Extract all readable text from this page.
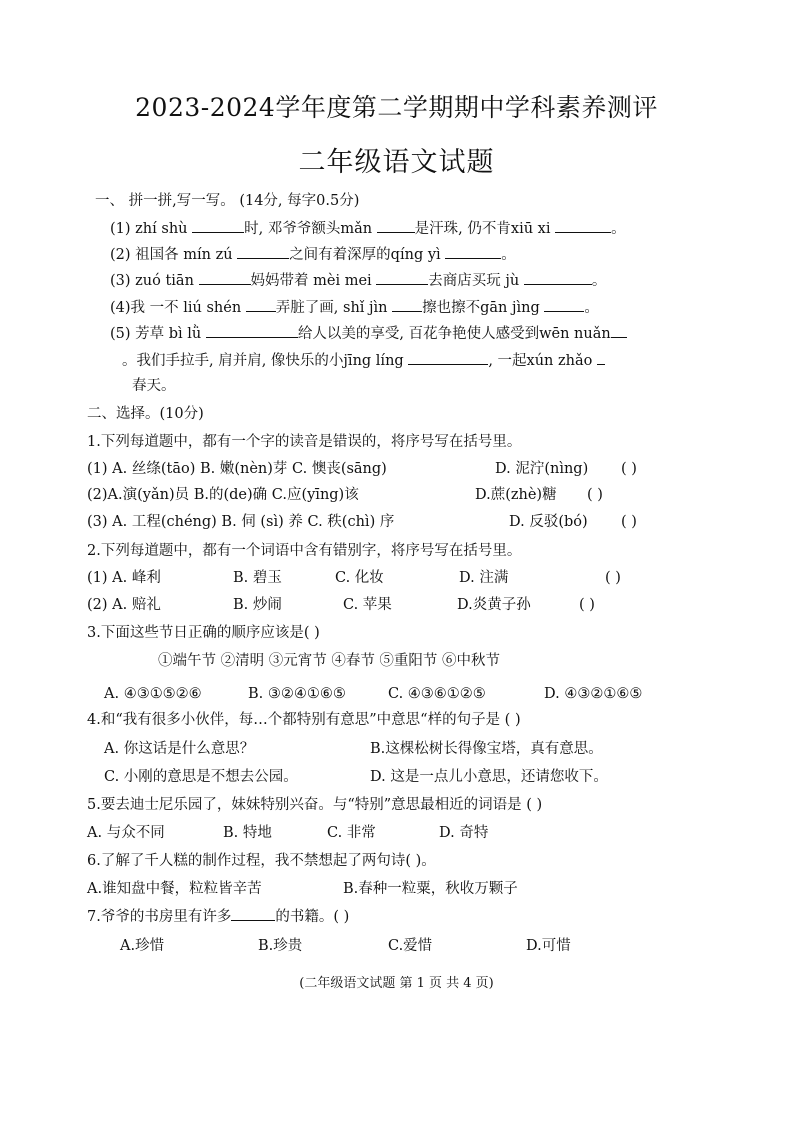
2023-2024学年度第二学期期中学科素养测评
二年级语文试题
一、 拼一拼,写一写。 (14分, 每字0.5分)
(1) zhí shù	时, 邓爷爷额头mǎn	是汗珠, 仍不肯xiū xi	。
(2) 祖国各 mín zú	之间有着深厚的qíng yì	。
(3) zuó tiān	妈妈带着 mèi mei	去商店买玩 jù	。
(4)我 一不 liú shén 弄脏了画, shǐ jìn 擦也擦不gān jìng	。
(5) 芳草 bì lǜ	给人以美的享受, 百花争艳使人感受到wēn nuǎn
。我们手拉手, 肩并肩, 像快乐的小jīng líng	, 一起xún zhǎo
春天。
二、选择。(10分)
1.下列每道题中，都有一个字的读音是错误的，将序号写在括号里。
(1) A. 丝绦(tāo) B. 嫩(nèn)芽 C. 懊丧(sāng)	D. 泥泞(nìng) ( )
(2)A.演(yǎn)员 B.的(de)确 C.应(yīng)该	D.蔗(zhè)糖 ( )
(3) A. 工程(chéng) B. 伺 (sì) 养 C. 秩(chì) 序	D. 反驳(bó) ( )
2.下列每道题中，都有一个词语中含有错别字，将序号写在括号里。
(1) A. 峰利	B. 碧玉	C. 化妆	D. 注满	( )
(2) A. 赔礼	B. 炒闹	C. 苹果	D.炎黄子孙	( )
3.下面这些节日正确的顺序应该是( )
①端午节 ②清明 ③元宵节 ④春节 ⑤重阳节 ⑥中秋节
A. ④③①⑤②⑥	B. ③②④①⑥⑤	C. ④③⑥①②⑤	D. ④③②①⑥⑤
4.和“我有很多小伙伴，每…个都特别有意思”中意思“样的句子是 ( )
A. 你这话是什么意思？	B.这棵松树长得像宝塔，真有意思。
C. 小刚的意思是不想去公园。	D. 这是一点儿小意思，还请您收下。
5.要去迪士尼乐园了，妹妹特别兴奋。与“特别”意思最相近的词语是 ( )
A. 与众不同	B. 特地	C. 非常	D. 奇特
6.了解了千人糕的制作过程，我不禁想起了两句诗( )。
A.谁知盘中餐，粒粒皆辛苦	B.春种一粒粟，秋收万颗子
7.爷爷的书房里有许多	的书籍。( )
A.珍惜	B.珍贵	C.爱惜	D.可惜
(二年级语文试题 第 1 页 共 4 页)
